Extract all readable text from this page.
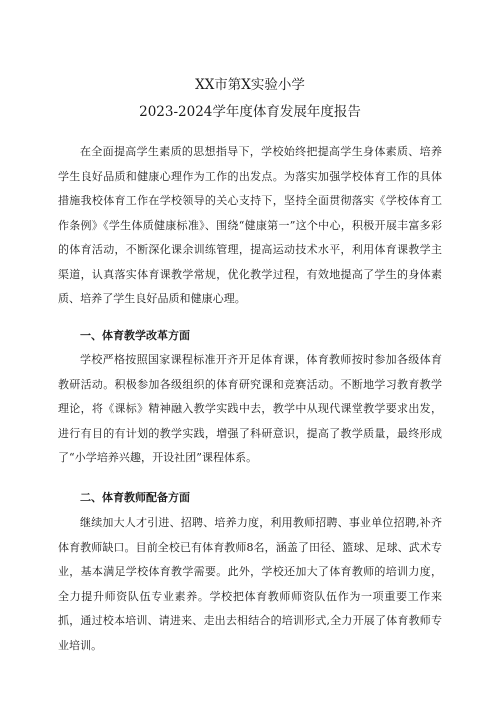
XX市第X实验小学
2023-2024学年度体育发展年度报告
在全面提高学生素质的思想指导下，学校始终把提高学生身体素质、培养学生良好品质和健康心理作为工作的出发点。为落实加强学校体育工作的具体措施我校体育工作在学校领导的关心支持下，坚持全面贯彻落实《学校体育工作条例》《学生体质健康标准》、围绕“健康第一”这个中心，积极开展丰富多彩的体育活动，不断深化课余训练管理，提高运动技术水平，利用体育课教学主渠道，认真落实体育课教学常规，优化教学过程，有效地提高了学生的身体素质、培养了学生良好品质和健康心理。
一、体育教学改革方面
学校严格按照国家课程标准开齐开足体育课，体育教师按时参加各级体育教研活动。积极参加各级组织的体育研究课和竞赛活动。不断地学习教育教学理论，将《课标》精神融入教学实践中去，教学中从现代课堂教学要求出发，进行有目的有计划的教学实践，增强了科研意识，提高了教学质量，最终形成了“小学培养兴趣，开设社团”课程体系。
二、体育教师配备方面
继续加大人才引进、招聘、培养力度，利用教师招聘、事业单位招聘,补齐体育教师缺口。目前全校已有体育教师8名，涵盖了田径、篮球、足球、武术专业，基本满足学校体育教学需要。此外，学校还加大了体育教师的培训力度，全力提升师资队伍专业素养。学校把体育教师师资队伍作为一项重要工作来抓，通过校本培训、请进来、走出去相结合的培训形式,全力开展了体育教师专业培训。
